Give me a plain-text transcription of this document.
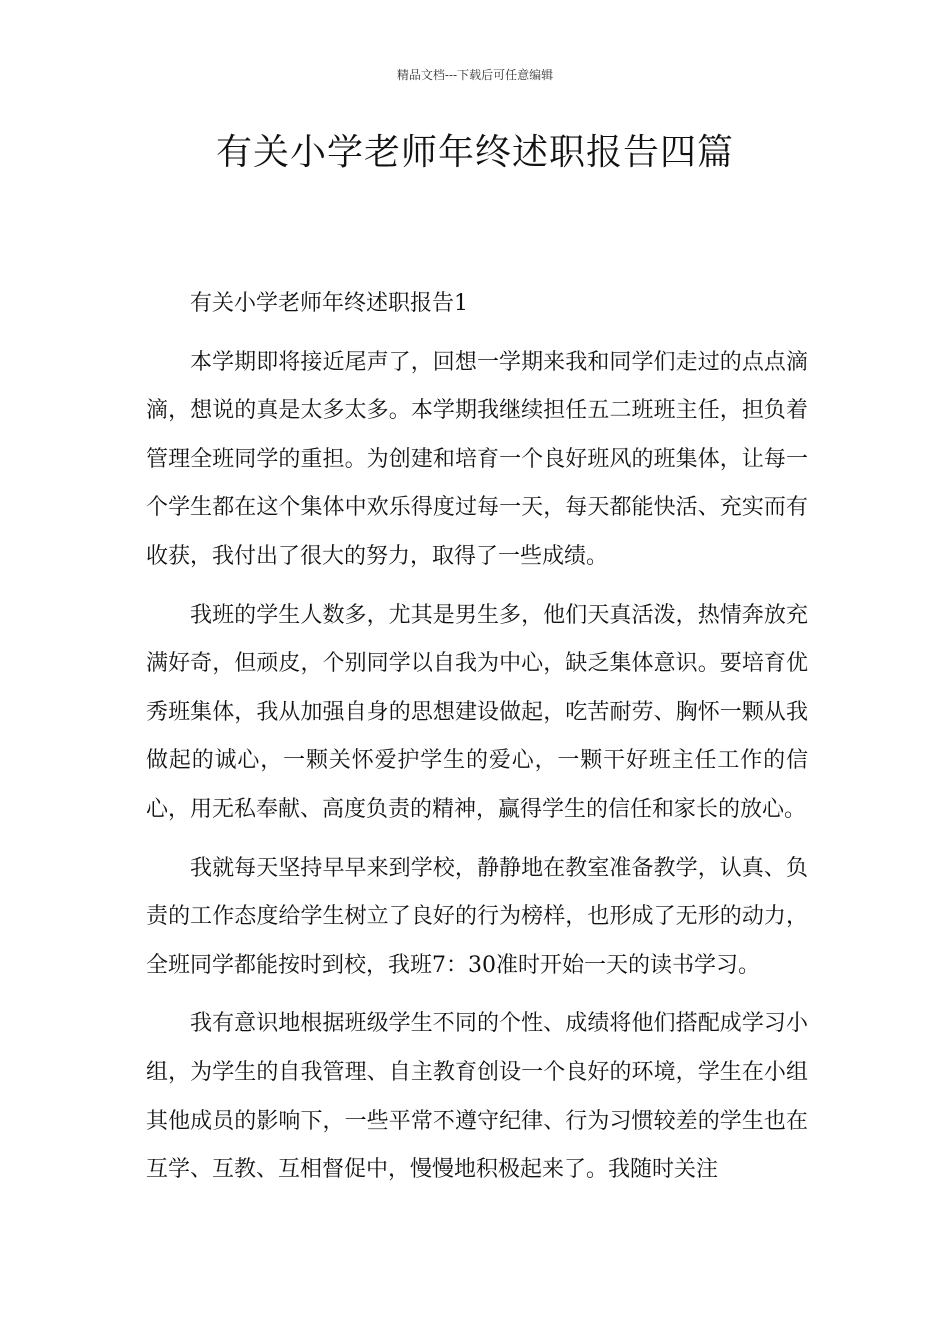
精品文档---下载后可任意编辑
有关小学老师年终述职报告四篇

有关小学老师年终述职报告1

本学期即将接近尾声了，回想一学期来我和同学们走过的点点滴滴，想说的真是太多太多。本学期我继续担任五二班班主任，担负着管理全班同学的重担。为创建和培育一个良好班风的班集体，让每一个学生都在这个集体中欢乐得度过每一天，每天都能快活、充实而有收获，我付出了很大的努力，取得了一些成绩。

我班的学生人数多，尤其是男生多，他们天真活泼，热情奔放充满好奇，但顽皮，个别同学以自我为中心，缺乏集体意识。要培育优秀班集体，我从加强自身的思想建设做起，吃苦耐劳、胸怀一颗从我做起的诚心，一颗关怀爱护学生的爱心，一颗干好班主任工作的信心，用无私奉献、高度负责的精神，赢得学生的信任和家长的放心。

我就每天坚持早早来到学校，静静地在教室准备教学，认真、负责的工作态度给学生树立了良好的行为榜样，也形成了无形的动力，全班同学都能按时到校，我班7：30准时开始一天的读书学习。

我有意识地根据班级学生不同的个性、成绩将他们搭配成学习小组，为学生的自我管理、自主教育创设一个良好的环境，学生在小组其他成员的影响下，一些平常不遵守纪律、行为习惯较差的学生也在互学、互教、互相督促中，慢慢地积极起来了。我随时关注
